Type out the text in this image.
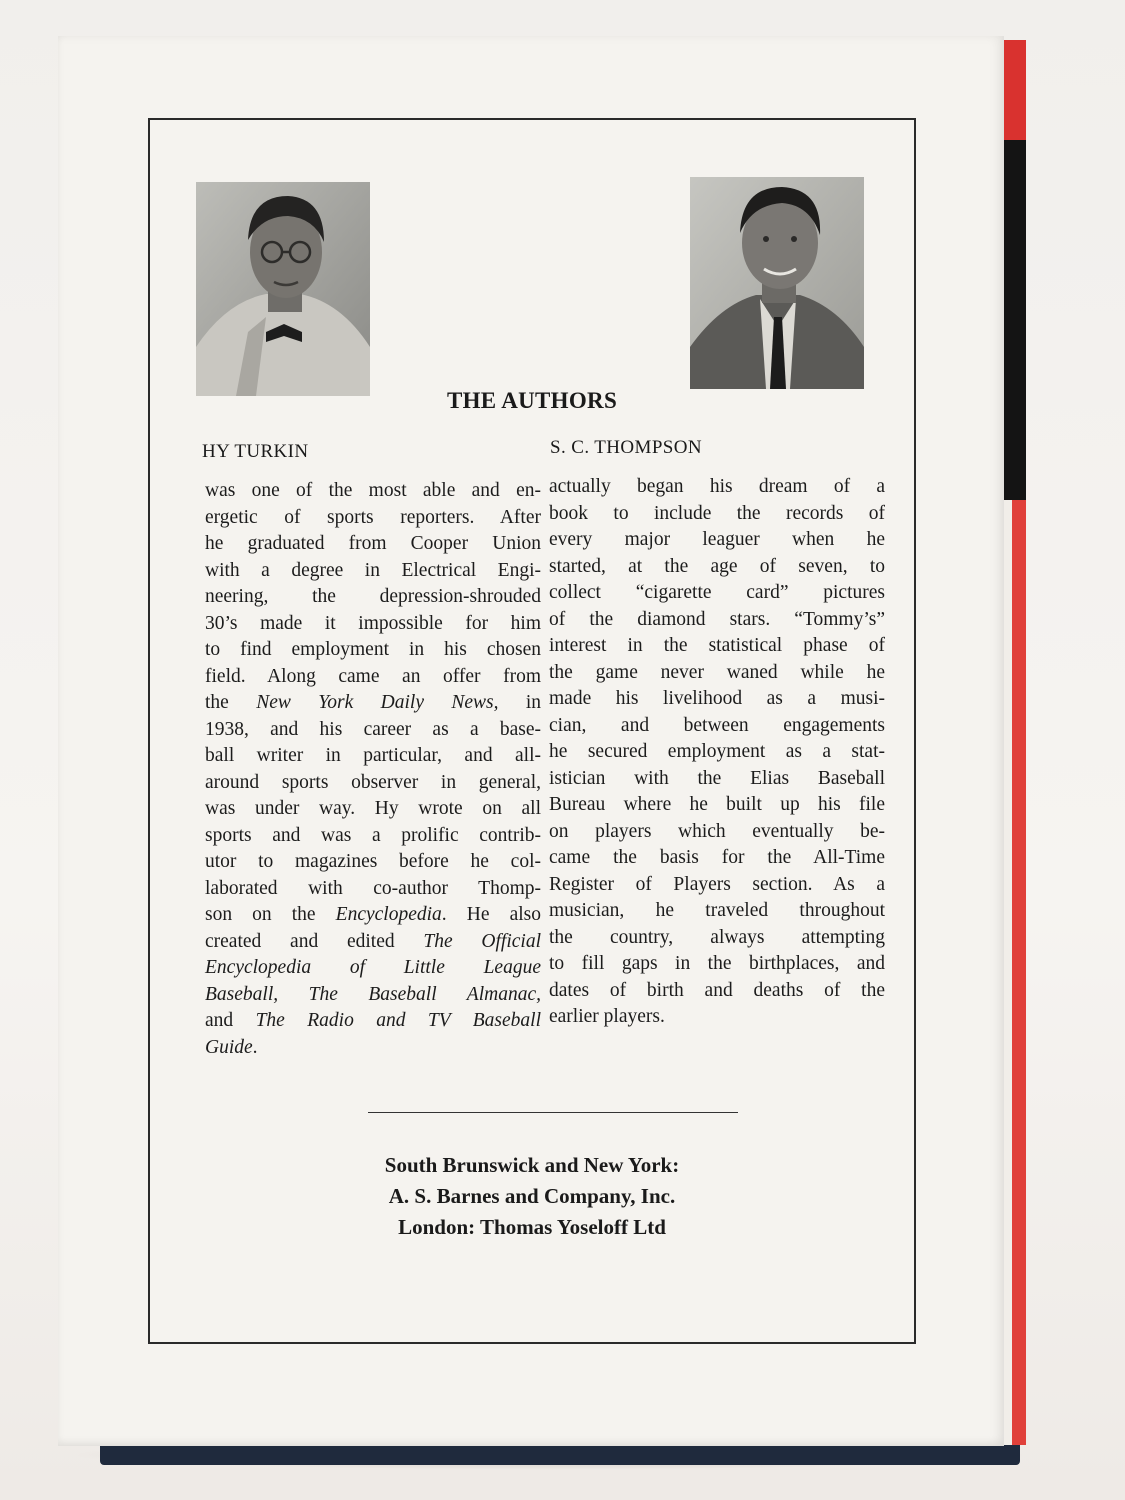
THE AUTHORS
HY TURKIN	S. C. THOMPSON
was one of the most able and en-
ergetic of sports reporters. After
he graduated from Cooper Union
with a degree in Electrical Engi-
neering, the depression-shrouded
30’s made it impossible for him
to find employment in his chosen
field. Along came an offer from
the New York Daily News, in
1938, and his career as a base-
ball writer in particular, and all-
around sports observer in general,
was under way. Hy wrote on all
sports and was a prolific contrib-
utor to magazines before he col-
laborated with co-author Thomp-
son on the Encyclopedia. He also
created and edited The Official
Encyclopedia of Little League
Baseball, The Baseball Almanac,
and The Radio and TV Baseball
Guide.
actually began his dream of a
book to include the records of
every major leaguer when he
started, at the age of seven, to
collect “cigarette card” pictures
of the diamond stars. “Tommy’s”
interest in the statistical phase of
the game never waned while he
made his livelihood as a musi-
cian, and between engagements
he secured employment as a stat-
istician with the Elias Baseball
Bureau where he built up his file
on players which eventually be-
came the basis for the All-Time
Register of Players section. As a
musician, he traveled throughout
the country, always attempting
to fill gaps in the birthplaces, and
dates of birth and deaths of the
earlier players.
South Brunswick and New York:
A. S. Barnes and Company, Inc.
London: Thomas Yoseloff Ltd
